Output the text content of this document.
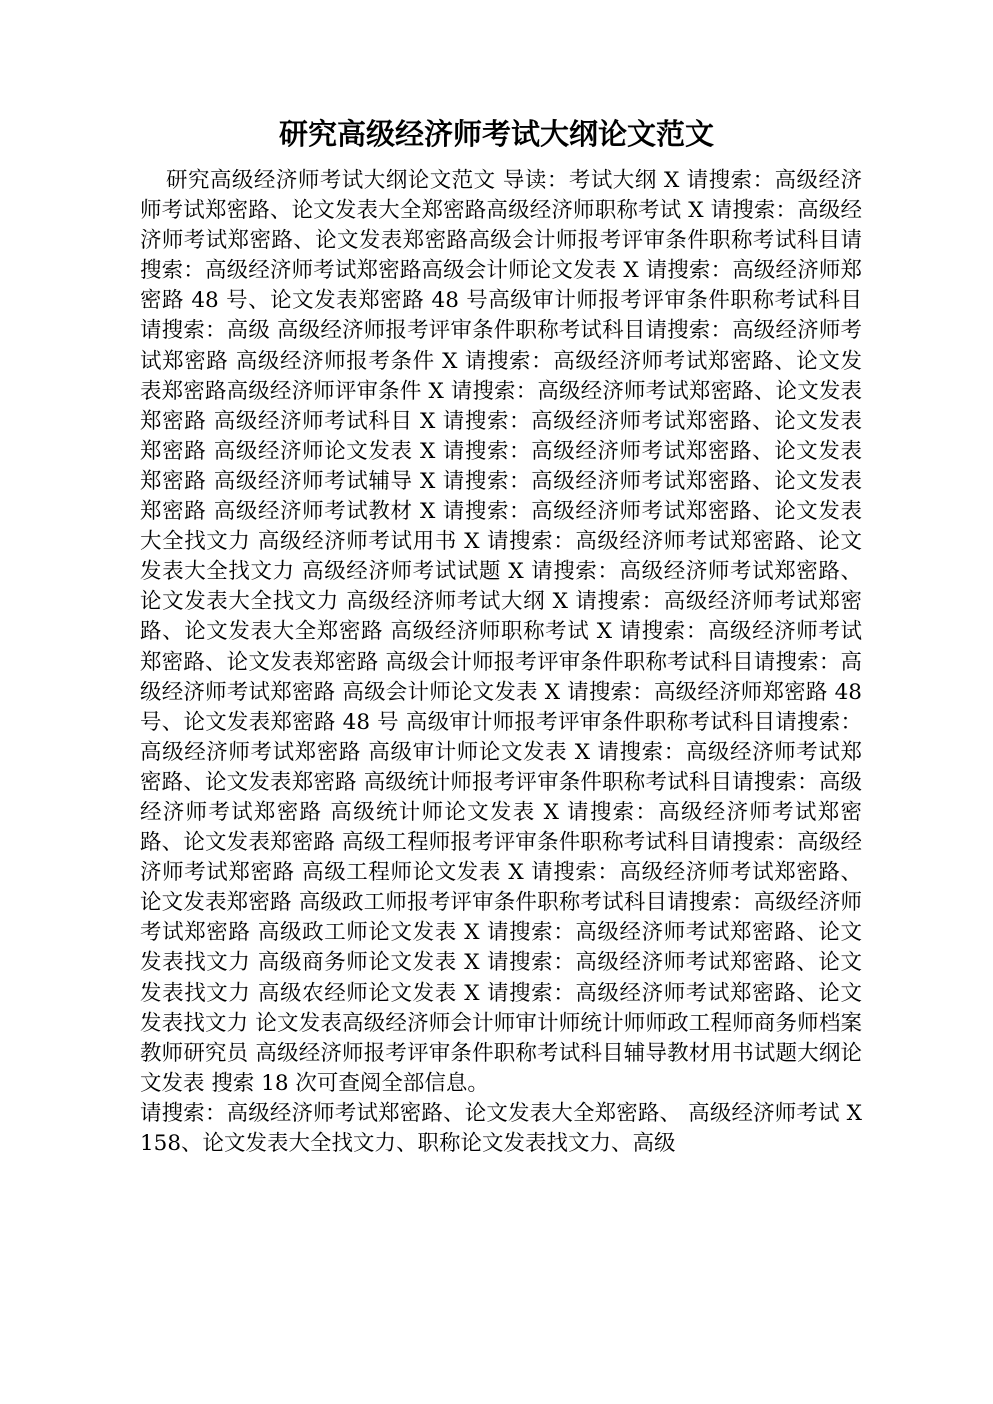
研究高级经济师考试大纲论文范文

研究高级经济师考试大纲论文范文 导读：考试大纲 X 请搜索：高级经济师考试郑密路、论文发表大全郑密路高级经济师职称考试 X 请搜索：高级经济师考试郑密路、论文发表郑密路高级会计师报考评审条件职称考试科目请搜索：高级经济师考试郑密路高级会计师论文发表 X 请搜索：高级经济师郑密路 48 号、论文发表郑密路 48 号高级审计师报考评审条件职称考试科目请搜索：高级 高级经济师报考评审条件职称考试科目请搜索：高级经济师考试郑密路 高级经济师报考条件 X 请搜索：高级经济师考试郑密路、论文发表郑密路高级经济师评审条件 X 请搜索：高级经济师考试郑密路、论文发表郑密路 高级经济师考试科目 X 请搜索：高级经济师考试郑密路、论文发表郑密路 高级经济师论文发表 X 请搜索：高级经济师考试郑密路、论文发表郑密路 高级经济师考试辅导 X 请搜索：高级经济师考试郑密路、论文发表郑密路 高级经济师考试教材 X 请搜索：高级经济师考试郑密路、论文发表大全找文力 高级经济师考试用书 X 请搜索：高级经济师考试郑密路、论文发表大全找文力 高级经济师考试试题 X 请搜索：高级经济师考试郑密路、论文发表大全找文力 高级经济师考试大纲 X 请搜索：高级经济师考试郑密路、论文发表大全郑密路 高级经济师职称考试 X 请搜索：高级经济师考试郑密路、论文发表郑密路 高级会计师报考评审条件职称考试科目请搜索：高级经济师考试郑密路 高级会计师论文发表 X 请搜索：高级经济师郑密路 48 号、论文发表郑密路 48 号 高级审计师报考评审条件职称考试科目请搜索：高级经济师考试郑密路 高级审计师论文发表 X 请搜索：高级经济师考试郑密路、论文发表郑密路 高级统计师报考评审条件职称考试科目请搜索：高级经济师考试郑密路 高级统计师论文发表 X 请搜索：高级经济师考试郑密路、论文发表郑密路 高级工程师报考评审条件职称考试科目请搜索：高级经济师考试郑密路 高级工程师论文发表 X 请搜索：高级经济师考试郑密路、论文发表郑密路 高级政工师报考评审条件职称考试科目请搜索：高级经济师考试郑密路 高级政工师论文发表 X 请搜索：高级经济师考试郑密路、论文发表找文力 高级商务师论文发表 X 请搜索：高级经济师考试郑密路、论文发表找文力 高级农经师论文发表 X 请搜索：高级经济师考试郑密路、论文发表找文力 论文发表高级经济师会计师审计师统计师师政工程师商务师档案教师研究员 高级经济师报考评审条件职称考试科目辅导教材用书试题大纲论文发表 搜索 18 次可查阅全部信息。

请搜索：高级经济师考试郑密路、论文发表大全郑密路、 高级经济师考试 X 158、论文发表大全找文力、职称论文发表找文力、高级
